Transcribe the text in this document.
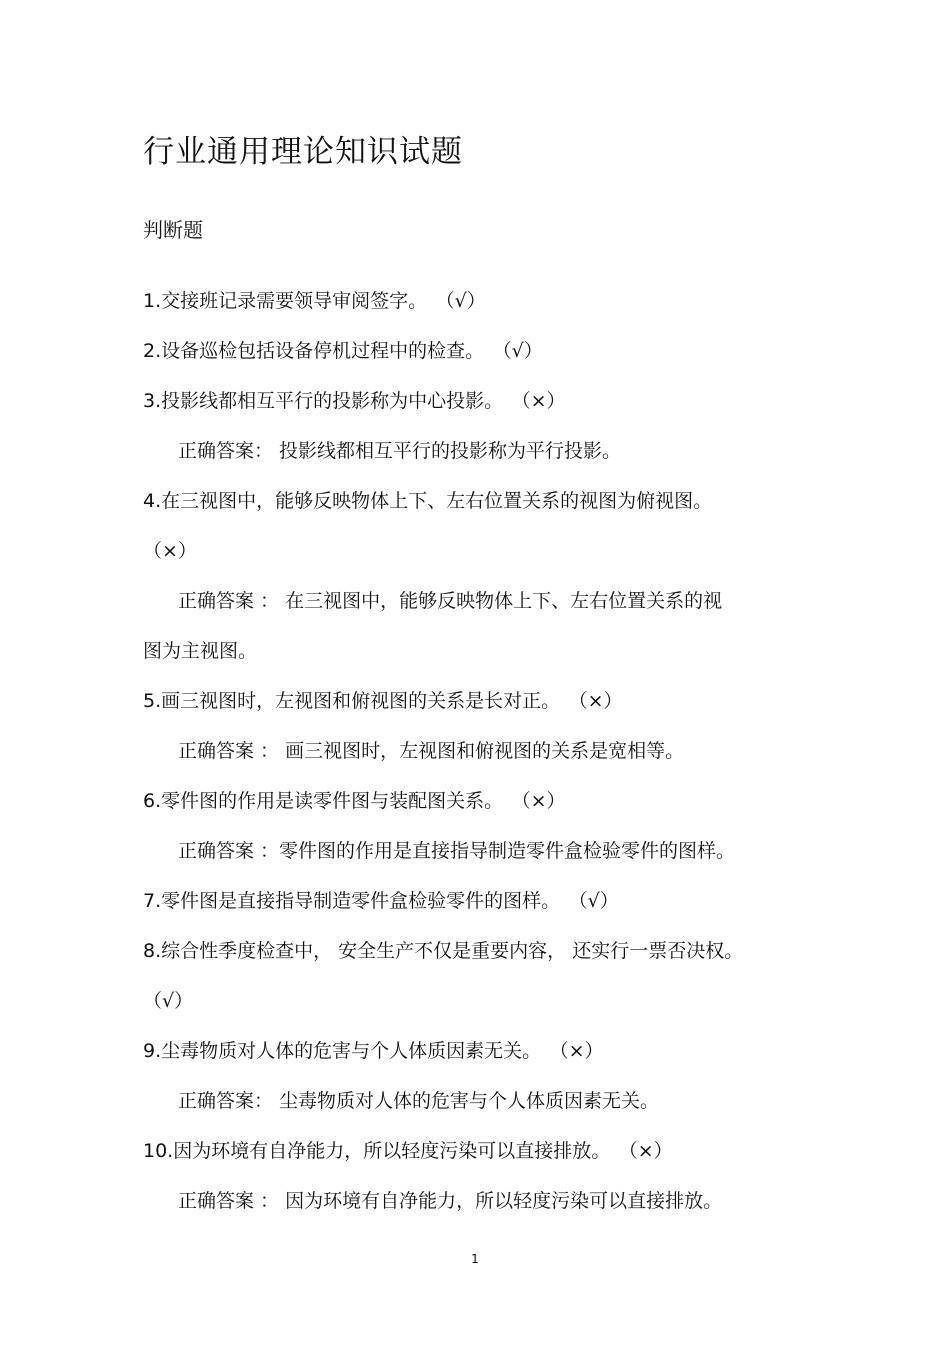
行业通用理论知识试题
判断题
1.交接班记录需要领导审阅签字。 （√）
2.设备巡检包括设备停机过程中的检查。 （√）
3.投影线都相互平行的投影称为中心投影。 （×）
正确答案： 投影线都相互平行的投影称为平行投影。
4.在三视图中，能够反映物体上下、左右位置关系的视图为俯视图。
（×）
正确答案 ： 在三视图中，能够反映物体上下、左右位置关系的视
图为主视图。
5.画三视图时，左视图和俯视图的关系是长对正。 （×）
正确答案 ： 画三视图时，左视图和俯视图的关系是宽相等。
6.零件图的作用是读零件图与装配图关系。 （×）
正确答案 ：零件图的作用是直接指导制造零件盒检验零件的图样。
7.零件图是直接指导制造零件盒检验零件的图样。 （√）
8.综合性季度检查中， 安全生产不仅是重要内容， 还实行一票否决权。
（√）
9.尘毒物质对人体的危害与个人体质因素无关。 （×）
正确答案： 尘毒物质对人体的危害与个人体质因素无关。
10.因为环境有自净能力，所以轻度污染可以直接排放。 （×）
正确答案 ： 因为环境有自净能力，所以轻度污染可以直接排放。
1
